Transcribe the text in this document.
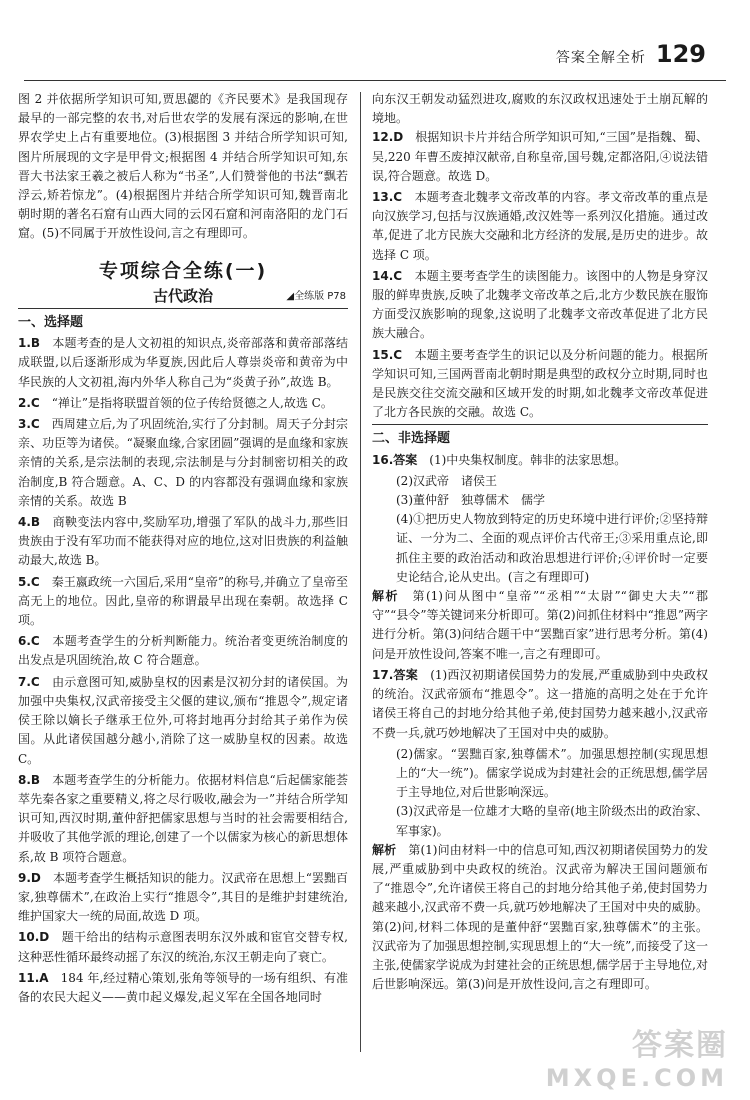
答案全解全析 129

图 2 并依据所学知识可知,贾思勰的《齐民要术》是我国现存最早的一部完整的农书,对后世农学的发展有深远的影响,在世界农学史上占有重要地位。(3)根据图 3 并结合所学知识可知,图片所展现的文字是甲骨文;根据图 4 并结合所学知识可知,东晋大书法家王羲之被后人称为“书圣”,人们赞誉他的书法“飘若浮云,矫若惊龙”。(4)根据图片并结合所学知识可知,魏晋南北朝时期的著名石窟有山西大同的云冈石窟和河南洛阳的龙门石窟。(5)不同属于开放性设问,言之有理即可。

专项综合全练(一)
古代政治	◢全练版 P78
一、选择题

1.B　 本题考查的是人文初祖的知识点,炎帝部落和黄帝部落结成联盟,以后逐渐形成为华夏族,因此后人尊崇炎帝和黄帝为中华民族的人文初祖,海内外华人称自己为“炎黄子孙”,故选 B。

2.C　 “禅让”是指将联盟首领的位子传给贤德之人,故选 C。

3.C　 西周建立后,为了巩固统治,实行了分封制。周天子分封宗亲、功臣等为诸侯。“凝聚血缘,合家团圆”强调的是血缘和家族亲情的关系,是宗法制的表现,宗法制是与分封制密切相关的政治制度,B 符合题意。A、C、D 的内容都没有强调血缘和家族亲情的关系。故选 B

4.B　 商鞅变法内容中,奖励军功,增强了军队的战斗力,那些旧贵族由于没有军功而不能获得对应的地位,这对旧贵族的利益触动最大,故选 B。

5.C　 秦王嬴政统一六国后,采用“皇帝”的称号,并确立了皇帝至高无上的地位。因此,皇帝的称谓最早出现在秦朝。故选择 C 项。

6.C　 本题考查学生的分析判断能力。统治者变更统治制度的出发点是巩固统治,故 C 符合题意。

7.C　 由示意图可知,威胁皇权的因素是汉初分封的诸侯国。为加强中央集权,汉武帝接受主父偃的建议,颁布“推恩令”,规定诸侯王除以嫡长子继承王位外,可将封地再分封给其子弟作为侯国。从此诸侯国越分越小,消除了这一威胁皇权的因素。故选 C。

8.B　 本题考查学生的分析能力。依据材料信息“后起儒家能荟萃先秦各家之重要精义,将之尽行吸收,融会为一”并结合所学知识可知,西汉时期,董仲舒把儒家思想与当时的社会需要相结合,并吸收了其他学派的理论,创建了一个以儒家为核心的新思想体系,故 B 项符合题意。

9.D　 本题考查学生概括知识的能力。汉武帝在思想上“罢黜百家,独尊儒术”,在政治上实行“推恩令”,其目的是维护封建统治,维护国家大一统的局面,故选 D 项。

10.D　 题干给出的结构示意图表明东汉外戚和宦官交替专权,这种恶性循环最终动摇了东汉的统治,东汉王朝走向了衰亡。

11.A　 184 年,经过精心策划,张角等领导的一场有组织、有准备的农民大起义——黄巾起义爆发,起义军在全国各地同时

向东汉王朝发动猛烈进攻,腐败的东汉政权迅速处于土崩瓦解的境地。

12.D　 根据知识卡片并结合所学知识可知,“三国”是指魏、蜀、吴,220 年曹丕废掉汉献帝,自称皇帝,国号魏,定都洛阳,④说法错误,符合题意。故选 D。

13.C　 本题考查北魏孝文帝改革的内容。孝文帝改革的重点是向汉族学习,包括与汉族通婚,改汉姓等一系列汉化措施。通过改革,促进了北方民族大交融和北方经济的发展,是历史的进步。故选择 C 项。

14.C　 本题主要考查学生的读图能力。该图中的人物是身穿汉服的鲜卑贵族,反映了北魏孝文帝改革之后,北方少数民族在服饰方面受汉族影响的现象,这说明了北魏孝文帝改革促进了北方民族大融合。

15.C　 本题主要考查学生的识记以及分析问题的能力。根据所学知识可知,三国两晋南北朝时期是典型的政权分立时期,同时也是民族交往交流交融和区域开发的时期,如北魏孝文帝改革促进了北方各民族的交融。故选 C。

二、非选择题

16.答案　 (1)中央集权制度。韩非的法家思想。

(2)汉武帝　诸侯王

(3)董仲舒　独尊儒术　儒学

(4)①把历史人物放到特定的历史环境中进行评价;②坚持辩证、一分为二、全面的观点评价古代帝王;③采用重点论,即抓住主要的政治活动和政治思想进行评价;④评价时一定要史论结合,论从史出。(言之有理即可)

解析　 第(1)问从图中“皇帝”“丞相”“太尉”“御史大夫”“郡守”“县令”等关键词来分析即可。第(2)问抓住材料中“推恩”两字进行分析。第(3)问结合题干中“罢黜百家”进行思考分析。第(4)问是开放性设问,答案不唯一,言之有理即可。

17.答案　 (1)西汉初期诸侯国势力的发展,严重威胁到中央政权的统治。汉武帝颁布“推恩令”。这一措施的高明之处在于允许诸侯王将自己的封地分给其他子弟,使封国势力越来越小,汉武帝不费一兵,就巧妙地解决了王国对中央的威胁。

(2)儒家。“罢黜百家,独尊儒术”。加强思想控制(实现思想上的“大一统”)。儒家学说成为封建社会的正统思想,儒学居于主导地位,对后世影响深远。

(3)汉武帝是一位雄才大略的皇帝(地主阶级杰出的政治家、军事家)。

解析　 第(1)问由材料一中的信息可知,西汉初期诸侯国势力的发展,严重威胁到中央政权的统治。汉武帝为解决王国问题颁布了“推恩令”,允许诸侯王将自己的封地分给其他子弟,使封国势力越来越小,汉武帝不费一兵,就巧妙地解决了王国对中央的威胁。第(2)问,材料二体现的是董仲舒“罢黜百家,独尊儒术”的主张。汉武帝为了加强思想控制,实现思想上的“大一统”,而接受了这一主张,使儒家学说成为封建社会的正统思想,儒学居于主导地位,对后世影响深远。第(3)问是开放性设问,言之有理即可。

答案圈
MXQE.COM
